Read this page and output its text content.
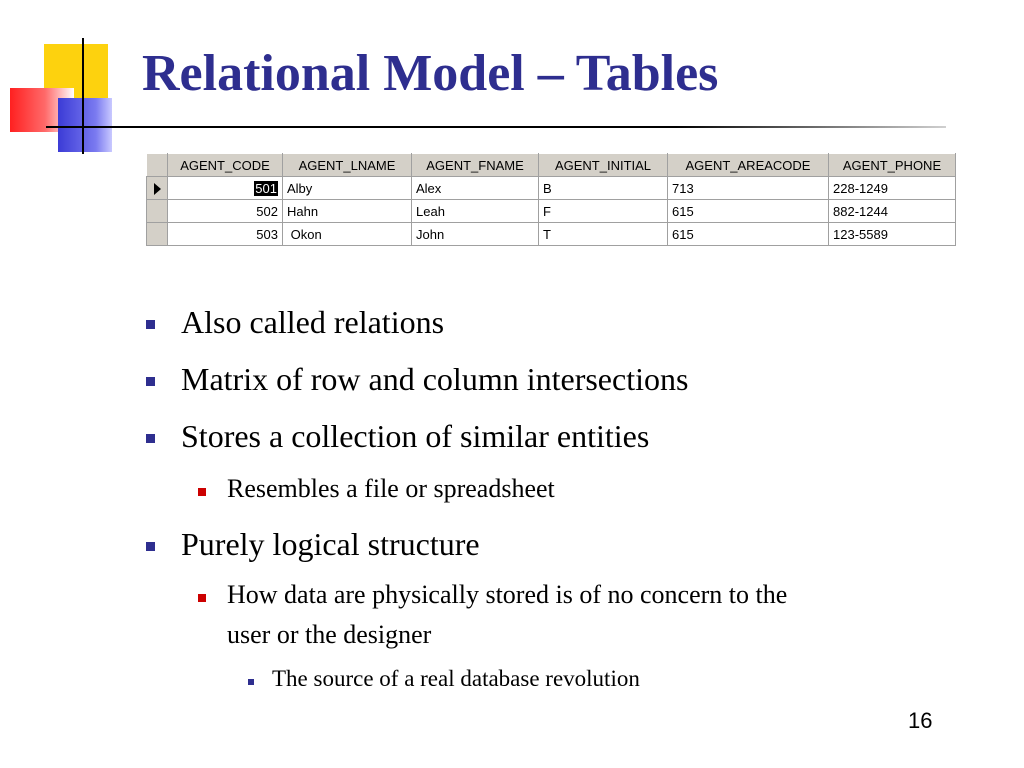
Relational Model – Tables
	AGENT_CODE	AGENT_LNAME	AGENT_FNAME	AGENT_INITIAL	AGENT_AREACODE	AGENT_PHONE
	501	Alby	Alex	B	713	228-1249
	502	Hahn	Leah	F	615	882-1244
	503	Okon	John	T	615	123-5589
Also called relations
Matrix of row and column intersections
Stores a collection of similar entities
Resembles a file or spreadsheet
Purely logical structure
How data are physically stored is of no concern to the
user or the designer
The source of a real database revolution
16
